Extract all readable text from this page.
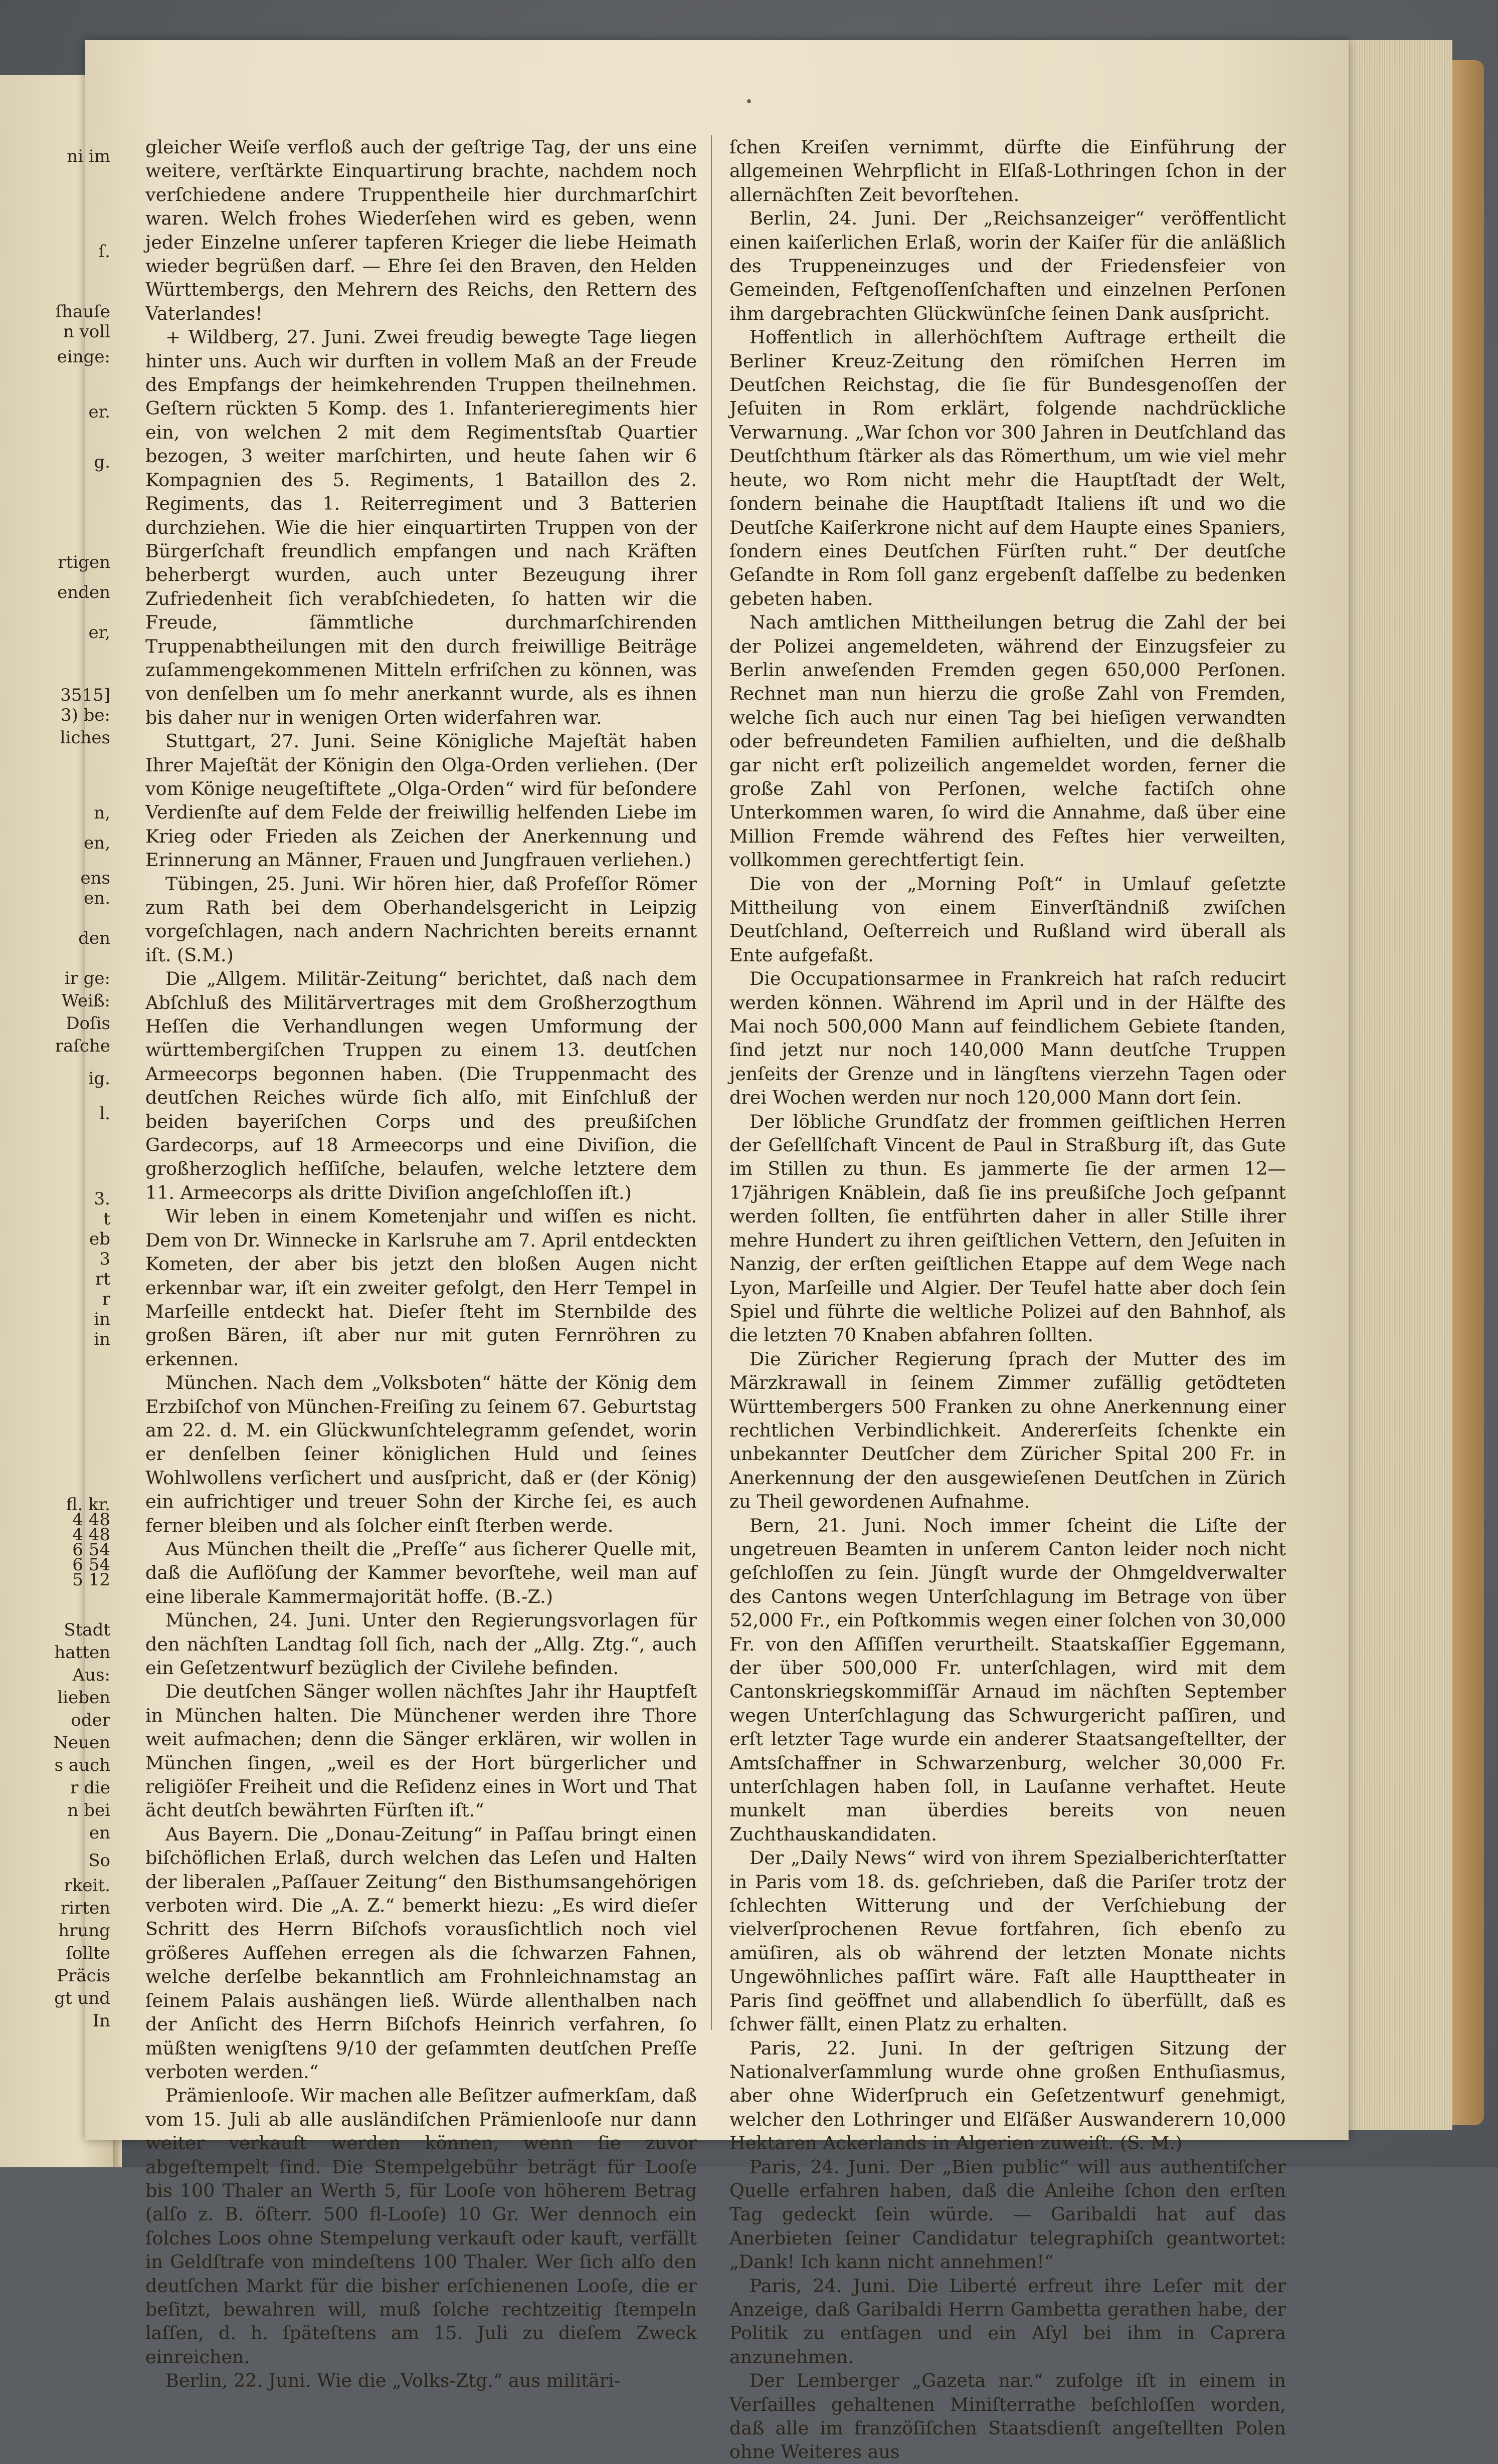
gleicher Weiſe verfloß auch der geſtrige Tag, der uns eine weitere, verſtärkte Einquartirung brachte, nachdem noch verſchiedene andere Truppentheile hier durchmarſchirt waren. Welch frohes Wiederſehen wird es geben, wenn jeder Einzelne unſerer tapferen Krieger die liebe Heimath wieder begrüßen darf. — Ehre ſei den Braven, den Helden Württembergs, den Mehrern des Reichs, den Rettern des Vaterlandes!

+ Wildberg, 27. Juni. Zwei freudig bewegte Tage liegen hinter uns. Auch wir durften in vollem Maß an der Freude des Empfangs der heimkehrenden Truppen theilnehmen. Geſtern rückten 5 Komp. des 1. Infanterieregiments hier ein, von welchen 2 mit dem Regimentsſtab Quartier bezogen, 3 weiter marſchirten, und heute ſahen wir 6 Kompagnien des 5. Regiments, 1 Bataillon des 2. Regiments, das 1. Reiterregiment und 3 Batterien durchziehen. Wie die hier einquartirten Truppen von der Bürgerſchaft freundlich empfangen und nach Kräften beherbergt wurden, auch unter Bezeugung ihrer Zufriedenheit ſich verabſchiedeten, ſo hatten wir die Freude, ſämmtliche durchmarſchirenden Truppenabtheilungen mit den durch freiwillige Beiträge zuſammengekommenen Mitteln erfriſchen zu können, was von denſelben um ſo mehr anerkannt wurde, als es ihnen bis daher nur in wenigen Orten widerfahren war.

Stuttgart, 27. Juni. Seine Königliche Majeſtät haben Ihrer Majeſtät der Königin den Olga-Orden verliehen. (Der vom Könige neugeſtiftete „Olga-Orden“ wird für beſondere Verdienſte auf dem Felde der freiwillig helfenden Liebe im Krieg oder Frieden als Zeichen der Anerkennung und Erinnerung an Männer, Frauen und Jungfrauen verliehen.)

Tübingen, 25. Juni. Wir hören hier, daß Profeſſor Römer zum Rath bei dem Oberhandelsgericht in Leipzig vorgeſchlagen, nach andern Nachrichten bereits ernannt iſt. (S.M.)

Die „Allgem. Militär-Zeitung“ berichtet, daß nach dem Abſchluß des Militärvertrages mit dem Großherzogthum Heſſen die Verhandlungen wegen Umformung der württembergiſchen Truppen zu einem 13. deutſchen Armeecorps begonnen haben. (Die Truppenmacht des deutſchen Reiches würde ſich alſo, mit Einſchluß der beiden bayeriſchen Corps und des preußiſchen Gardecorps, auf 18 Armeecorps und eine Diviſion, die großherzoglich heſſiſche, belaufen, welche letztere dem 11. Armeecorps als dritte Diviſion angeſchloſſen iſt.)

Wir leben in einem Kometenjahr und wiſſen es nicht. Dem von Dr. Winnecke in Karlsruhe am 7. April entdeckten Kometen, der aber bis jetzt den bloßen Augen nicht erkennbar war, iſt ein zweiter gefolgt, den Herr Tempel in Marſeille entdeckt hat. Dieſer ſteht im Sternbilde des großen Bären, iſt aber nur mit guten Fernröhren zu erkennen.

München. Nach dem „Volksboten“ hätte der König dem Erzbiſchof von München-Freiſing zu ſeinem 67. Geburtstag am 22. d. M. ein Glückwunſchtelegramm geſendet, worin er denſelben ſeiner königlichen Huld und ſeines Wohlwollens verſichert und ausſpricht, daß er (der König) ein aufrichtiger und treuer Sohn der Kirche ſei, es auch ferner bleiben und als ſolcher einſt ſterben werde.

Aus München theilt die „Preſſe“ aus ſicherer Quelle mit, daß die Auflöſung der Kammer bevorſtehe, weil man auf eine liberale Kammermajorität hoffe. (B.-Z.)

München, 24. Juni. Unter den Regierungsvorlagen für den nächſten Landtag ſoll ſich, nach der „Allg. Ztg.“, auch ein Geſetzentwurf bezüglich der Civilehe befinden.

Die deutſchen Sänger wollen nächſtes Jahr ihr Hauptfeſt in München halten. Die Münchener werden ihre Thore weit aufmachen; denn die Sänger erklären, wir wollen in München ſingen, „weil es der Hort bürgerlicher und religiöſer Freiheit und die Reſidenz eines in Wort und That ächt deutſch bewährten Fürſten iſt.“

Aus Bayern. Die „Donau-Zeitung“ in Paſſau bringt einen biſchöflichen Erlaß, durch welchen das Leſen und Halten der liberalen „Paſſauer Zeitung“ den Bisthumsangehörigen verboten wird. Die „A. Z.“ bemerkt hiezu: „Es wird dieſer Schritt des Herrn Biſchofs vorausſichtlich noch viel größeres Aufſehen erregen als die ſchwarzen Fahnen, welche derſelbe bekanntlich am Frohnleichnamstag an ſeinem Palais aushängen ließ. Würde allenthalben nach der Anſicht des Herrn Biſchofs Heinrich verfahren, ſo müßten wenigſtens 9/10 der geſammten deutſchen Preſſe verboten werden.“

Prämienlooſe. Wir machen alle Beſitzer aufmerkſam, daß vom 15. Juli ab alle ausländiſchen Prämienlooſe nur dann weiter verkauft werden können, wenn ſie zuvor abgeſtempelt ſind. Die Stempelgebühr beträgt für Looſe bis 100 Thaler an Werth 5, für Looſe von höherem Betrag (alſo z. B. öſterr. 500 fl-Looſe) 10 Gr. Wer dennoch ein ſolches Loos ohne Stempelung verkauft oder kauft, verfällt in Geldſtrafe von mindeſtens 100 Thaler. Wer ſich alſo den deutſchen Markt für die bisher erſchienenen Looſe, die er beſitzt, bewahren will, muß ſolche rechtzeitig ſtempeln laſſen, d. h. ſpäteſtens am 15. Juli zu dieſem Zweck einreichen.

Berlin, 22. Juni. Wie die „Volks-Ztg.“ aus militäri-

ſchen Kreiſen vernimmt, dürfte die Einführung der allgemeinen Wehrpflicht in Elſaß-Lothringen ſchon in der allernächſten Zeit bevorſtehen.

Berlin, 24. Juni. Der „Reichsanzeiger“ veröffentlicht einen kaiſerlichen Erlaß, worin der Kaiſer für die anläßlich des Truppeneinzuges und der Friedensfeier von Gemeinden, Feſtgenoſſenſchaften und einzelnen Perſonen ihm dargebrachten Glückwünſche ſeinen Dank ausſpricht.

Hoffentlich in allerhöchſtem Auftrage ertheilt die Berliner Kreuz-Zeitung den römiſchen Herren im Deutſchen Reichstag, die ſie für Bundesgenoſſen der Jeſuiten in Rom erklärt, folgende nachdrückliche Verwarnung. „War ſchon vor 300 Jahren in Deutſchland das Deutſchthum ſtärker als das Römerthum, um wie viel mehr heute, wo Rom nicht mehr die Hauptſtadt der Welt, ſondern beinahe die Hauptſtadt Italiens iſt und wo die Deutſche Kaiſerkrone nicht auf dem Haupte eines Spaniers, ſondern eines Deutſchen Fürſten ruht.“ Der deutſche Geſandte in Rom ſoll ganz ergebenſt daſſelbe zu bedenken gebeten haben.

Nach amtlichen Mittheilungen betrug die Zahl der bei der Polizei angemeldeten, während der Einzugsfeier zu Berlin anweſenden Fremden gegen 650,000 Perſonen. Rechnet man nun hierzu die große Zahl von Fremden, welche ſich auch nur einen Tag bei hieſigen verwandten oder befreundeten Familien aufhielten, und die deßhalb gar nicht erſt polizeilich angemeldet worden, ferner die große Zahl von Perſonen, welche factiſch ohne Unterkommen waren, ſo wird die Annahme, daß über eine Million Fremde während des Feſtes hier verweilten, vollkommen gerechtfertigt ſein.

Die von der „Morning Poſt“ in Umlauf geſetzte Mittheilung von einem Einverſtändniß zwiſchen Deutſchland, Oeſterreich und Rußland wird überall als Ente aufgefaßt.

Die Occupationsarmee in Frankreich hat raſch reducirt werden können. Während im April und in der Hälfte des Mai noch 500,000 Mann auf feindlichem Gebiete ſtanden, ſind jetzt nur noch 140,000 Mann deutſche Truppen jenſeits der Grenze und in längſtens vierzehn Tagen oder drei Wochen werden nur noch 120,000 Mann dort ſein.

Der löbliche Grundſatz der frommen geiſtlichen Herren der Geſellſchaft Vincent de Paul in Straßburg iſt, das Gute im Stillen zu thun. Es jammerte ſie der armen 12—17jährigen Knäblein, daß ſie ins preußiſche Joch geſpannt werden ſollten, ſie entführten daher in aller Stille ihrer mehre Hundert zu ihren geiſtlichen Vettern, den Jeſuiten in Nanzig, der erſten geiſtlichen Etappe auf dem Wege nach Lyon, Marſeille und Algier. Der Teufel hatte aber doch ſein Spiel und führte die weltliche Polizei auf den Bahnhof, als die letzten 70 Knaben abfahren ſollten.

Die Züricher Regierung ſprach der Mutter des im Märzkrawall in ſeinem Zimmer zufällig getödteten Württembergers 500 Franken zu ohne Anerkennung einer rechtlichen Verbindlichkeit. Andererſeits ſchenkte ein unbekannter Deutſcher dem Züricher Spital 200 Fr. in Anerkennung der den ausgewieſenen Deutſchen in Zürich zu Theil gewordenen Aufnahme.

Bern, 21. Juni. Noch immer ſcheint die Liſte der ungetreuen Beamten in unſerem Canton leider noch nicht geſchloſſen zu ſein. Jüngſt wurde der Ohmgeldverwalter des Cantons wegen Unterſchlagung im Betrage von über 52,000 Fr., ein Poſtkommis wegen einer ſolchen von 30,000 Fr. von den Aſſiſſen verurtheilt. Staatskaſſier Eggemann, der über 500,000 Fr. unterſchlagen, wird mit dem Cantonskriegskommiſſär Arnaud im nächſten September wegen Unterſchlagung das Schwurgericht paſſiren, und erſt letzter Tage wurde ein anderer Staatsangeſtellter, der Amtsſchaffner in Schwarzenburg, welcher 30,000 Fr. unterſchlagen haben ſoll, in Lauſanne verhaftet. Heute munkelt man überdies bereits von neuen Zuchthauskandidaten.

Der „Daily News“ wird von ihrem Spezialberichterſtatter in Paris vom 18. ds. geſchrieben, daß die Pariſer trotz der ſchlechten Witterung und der Verſchiebung der vielverſprochenen Revue fortfahren, ſich ebenſo zu amüſiren, als ob während der letzten Monate nichts Ungewöhnliches paſſirt wäre. Faſt alle Haupttheater in Paris ſind geöffnet und allabendlich ſo überfüllt, daß es ſchwer fällt, einen Platz zu erhalten.

Paris, 22. Juni. In der geſtrigen Sitzung der Nationalverſammlung wurde ohne großen Enthuſiasmus, aber ohne Widerſpruch ein Geſetzentwurf genehmigt, welcher den Lothringer und Elſäßer Auswanderern 10,000 Hektaren Ackerlands in Algerien zuweiſt. (S. M.)

Paris, 24. Juni. Der „Bien public“ will aus authentiſcher Quelle erfahren haben, daß die Anleihe ſchon den erſten Tag gedeckt ſein würde. — Garibaldi hat auf das Anerbieten ſeiner Candidatur telegraphiſch geantwortet: „Dank! Ich kann nicht annehmen!“

Paris, 24. Juni. Die Liberté erfreut ihre Leſer mit der Anzeige, daß Garibaldi Herrn Gambetta gerathen habe, der Politik zu entſagen und ein Aſyl bei ihm in Caprera anzunehmen.

Der Lemberger „Gazeta nar.“ zufolge iſt in einem in Verſailles gehaltenen Miniſterrathe beſchloſſen worden, daß alle im franzöſiſchen Staatsdienſt angeſtellten Polen ohne Weiteres aus

ni im
ſ.
ſhauſe
n voll
einge:
er.
g.
rtigen
enden
er,
3515]
3) be:
liches
n,
en,
ens
en.
den
ir ge:
Weiß:
Doſis
raſche
ig.
l.
3.
t
eb
3
rt
r
in
in
fl. kr.
4 48
4 48
6 54
6 54
5 12
Stadt
hatten
Aus:
lieben
oder
Neuen
s auch
r die
n bei
en
So
rkeit.
rirten
hrung
ſollte
Präcis
gt und
In
